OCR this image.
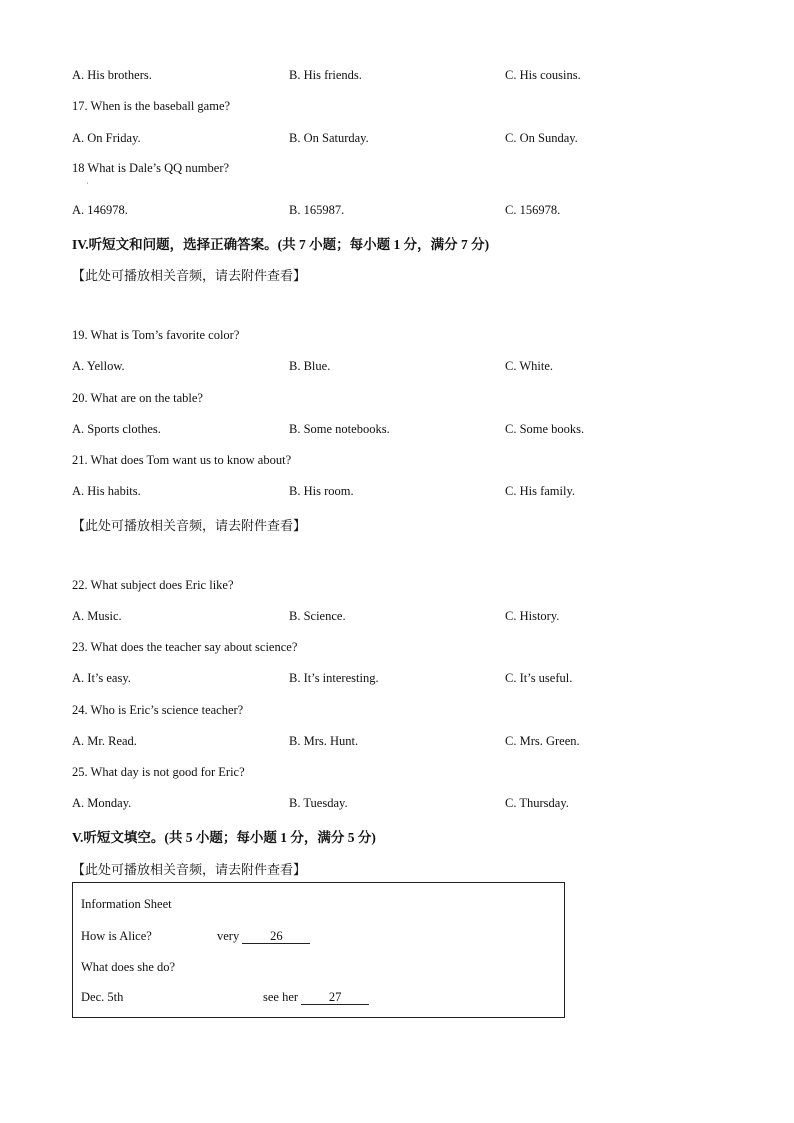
A. His brothers.	B. His friends.	C. His cousins.
17. When is the baseball game?
A. On Friday.	B. On Saturday.	C. On Sunday.
18 What is Dale’s QQ number?
˙
A. 146978.	B. 165987.	C. 156978.
IV.听短文和问题，选择正确答案。(共 7 小题；每小题 1 分，满分 7 分)
【此处可播放相关音频，请去附件查看】
19. What is Tom’s favorite color?
A. Yellow.	B. Blue.	C. White.
20. What are on the table?
A. Sports clothes.	B. Some notebooks.	C. Some books.
21. What does Tom want us to know about?
A. His habits.	B. His room.	C. His family.
【此处可播放相关音频，请去附件查看】
22. What subject does Eric like?
A. Music.	B. Science.	C. History.
23. What does the teacher say about science?
A. It’s easy.	B. It’s interesting.	C. It’s useful.
24. Who is Eric’s science teacher?
A. Mr. Read.	B. Mrs. Hunt.	C. Mrs. Green.
25. What day is not good for Eric?
A. Monday.	B. Tuesday.	C. Thursday.
V.听短文填空。(共 5 小题；每小题 1 分，满分 5 分)
【此处可播放相关音频，请去附件查看】
Information Sheet
How is Alice?	very 26
What does she do?
Dec. 5th	see her 27
